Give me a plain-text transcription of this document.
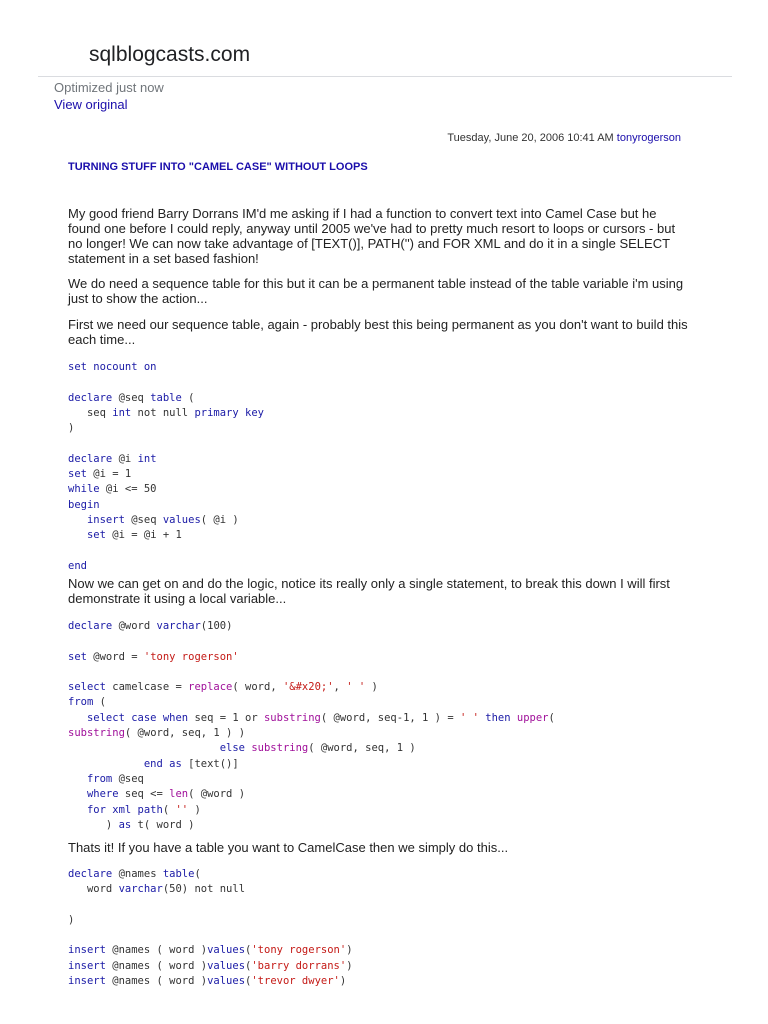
sqlblogcasts.com
Optimized just now
View original
Tuesday, June 20, 2006 10:41 AM tonyrogerson
TURNING STUFF INTO "CAMEL CASE" WITHOUT LOOPS

My good friend Barry Dorrans IM'd me asking if I had a function to convert text into Camel Case but he found one before I could reply, anyway until 2005 we've had to pretty much resort to loops or cursors - but no longer! We can now take advantage of [TEXT()], PATH('') and FOR XML and do it in a single SELECT statement in a set based fashion!

We do need a sequence table for this but it can be a permanent table instead of the table variable i'm using just to show the action...

First we need our sequence table, again - probably best this being permanent as you don't want to build this each time...

set nocount on

declare @seq table (
seq int not null primary key
)

declare @i int
set @i = 1
while @i <= 50
begin
insert @seq values( @i )
set @i = @i + 1

end

Now we can get on and do the logic, notice its really only a single statement, to break this down I will first demonstrate it using a local variable...

declare @word varchar(100)

set @word = 'tony rogerson'

select camelcase = replace( word, '&#x20;', ' ' )
from (
select case when seq = 1 or substring( @word, seq-1, 1 ) = ' ' then upper(
substring( @word, seq, 1 ) )
else substring( @word, seq, 1 )
end as [text()]
from @seq
where seq <= len( @word )
for xml path( '' )
) as t( word )

Thats it! If you have a table you want to CamelCase then we simply do this...

declare @names table(
word varchar(50) not null

)

insert @names ( word )values('tony rogerson')
insert @names ( word )values('barry dorrans')
insert @names ( word )values('trevor dwyer')
